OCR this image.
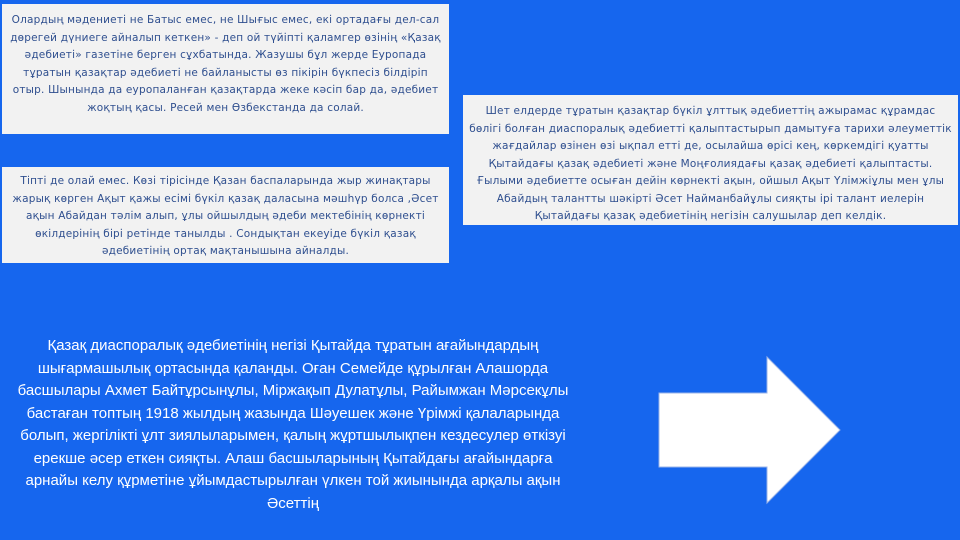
Олардың мәдениеті не Батыс емес, не Шығыс емес, екі ортадағы дел-сал дөрегей дүниеге айналып кеткен» - деп ой түйіпті қаламгер өзінің «Қазақ әдебиеті» газетіне берген сұхбатында. Жазушы бұл жерде Еуропада тұратын қазақтар әдебиеті не байланысты өз пікірін бүкпесіз білдіріп отыр. Шынында да еуропаланған қазақтарда жеке кәсіп бар да, әдебиет жоқтың қасы. Ресей мен Өзбекстанда да солай.
Тіпті де олай емес. Көзі тірісінде Қазан баспаларында жыр жинақтары жарық көрген Ақыт қажы есімі бүкіл қазақ даласына мәшһүр болса ,Әсет ақын Абайдан тәлім алып, ұлы ойшылдың әдеби мектебінің көрнекті өкілдерінің бірі ретінде танылды . Сондықтан екеуіде бүкіл қазақ әдебиетінің ортақ мақтанышына айналды.
Шет елдерде тұратын қазақтар бүкіл ұлттық әдебиеттің ажырамас құрамдас бөлігі болған диаспоралық әдебиетті қалыптастырып дамытуға тарихи әлеуметтік жағдайлар өзінен өзі ықпал етті де, осылайша өрісі кең, көркемдігі қуатты Қытайдағы қазақ әдебиеті және Моңғолиядағы қазақ әдебиеті қалыптасты. Ғылыми әдебиетте осыған дейін көрнекті ақын, ойшыл Ақыт Үлімжіұлы мен ұлы Абайдың талантты шәкірті Әсет Найманбайұлы сияқты ірі талант иелерін Қытайдағы қазақ әдебиетінің негізін салушылар деп келдік.
Қазақ диаспоралық әдебиетінің негізі Қытайда тұратын ағайындардың шығармашылық ортасында қаланды. Оған Семейде құрылған Алашорда басшылары Ахмет Байтұрсынұлы, Міржақып Дулатұлы, Райымжан Мәрсекұлы бастаған топтың 1918 жылдың жазында Шәуешек және Үрімжі қалаларында болып, жергілікті ұлт зиялыларымен, қалың жұртшылықпен кездесулер өткізуі ерекше әсер еткен сияқты. Алаш басшыларының Қытайдағы ағайындарға арнайы келу құрметіне ұйымдастырылған үлкен той жиынында арқалы ақын Әсеттің
